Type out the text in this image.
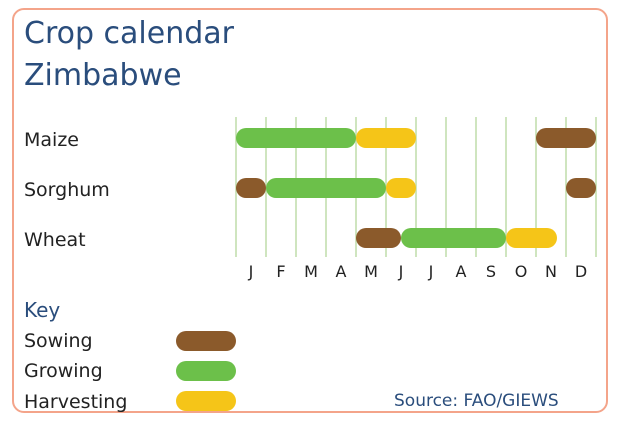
Crop calendar
Zimbabwe
Maize
Sorghum
Wheat
J F M A M J J A S O N D
Key
Sowing
Growing
Harvesting	Source: FAO/GIEWS
